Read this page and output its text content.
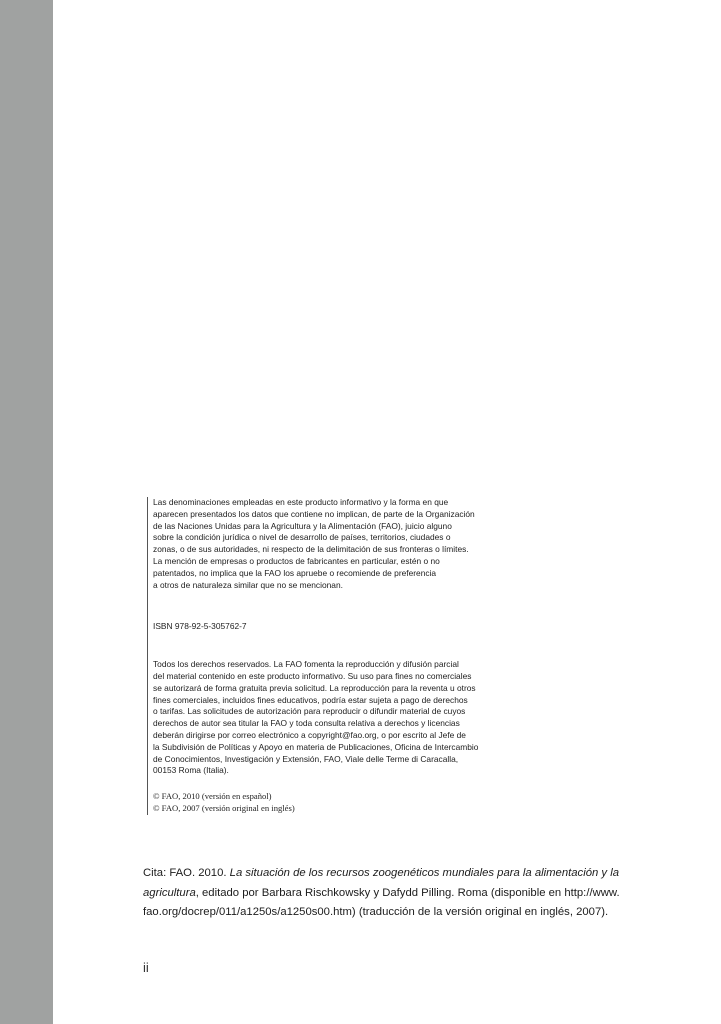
Las denominaciones empleadas en este producto informativo y la forma en que
aparecen presentados los datos que contiene no implican, de parte de la Organización
de las Naciones Unidas para la Agricultura y la Alimentación (FAO), juicio alguno
sobre la condición jurídica o nivel de desarrollo de países, territorios, ciudades o
zonas, o de sus autoridades, ni respecto de la delimitación de sus fronteras o límites.
La mención de empresas o productos de fabricantes en particular, estén o no
patentados, no implica que la FAO los apruebe o recomiende de preferencia
a otros de naturaleza similar que no se mencionan.
ISBN 978-92-5-305762-7
Todos los derechos reservados. La FAO fomenta la reproducción y difusión parcial
del material contenido en este producto informativo. Su uso para fines no comerciales
se autorizará de forma gratuita previa solicitud. La reproducción para la reventa u otros
fines comerciales, incluidos fines educativos, podría estar sujeta a pago de derechos
o tarifas. Las solicitudes de autorización para reproducir o difundir material de cuyos
derechos de autor sea titular la FAO y toda consulta relativa a derechos y licencias
deberán dirigirse por correo electrónico a copyright@fao.org, o por escrito al Jefe de
la Subdivisión de Políticas y Apoyo en materia de Publicaciones, Oficina de Intercambio
de Conocimientos, Investigación y Extensión, FAO, Viale delle Terme di Caracalla,
00153 Roma (Italia).
© FAO, 2010 (versión en español)
© FAO, 2007 (versión original en inglés)
Cita: FAO. 2010. La situación de los recursos zoogenéticos mundiales para la alimentación y la
agricultura, editado por Barbara Rischkowsky y Dafydd Pilling. Roma (disponible en http://www.
fao.org/docrep/011/a1250s/a1250s00.htm) (traducción de la versión original en inglés, 2007).
ii
